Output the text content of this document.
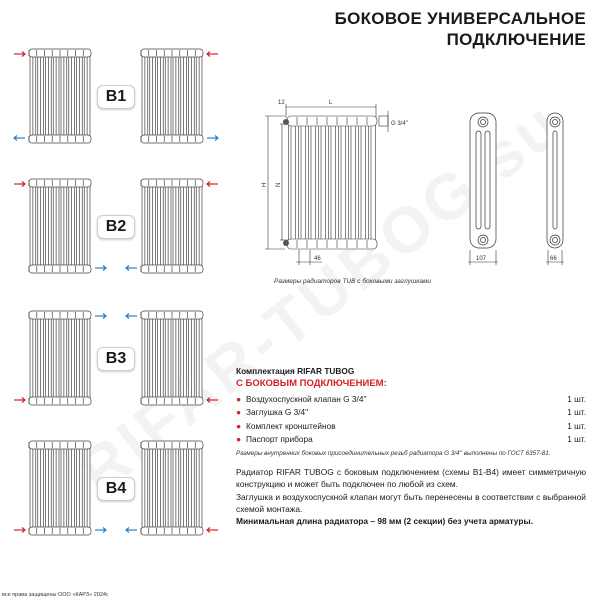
БОКОВОЕ УНИВЕРСАЛЬНОЕ
ПОДКЛЮЧЕНИЕ
В1
В2
В3
В4
12	L
G 3/4''
H N
46	107	66
Размеры радиаторов TUB с боковыми заглушками
Комплектация RIFAR TUBOG
С БОКОВЫМ ПОДКЛЮЧЕНИЕМ:
● Воздухоспускной клапан G 3/4''	1 шт.
● Заглушка G 3/4''	1 шт.
● Комплект кронштейнов	1 шт.
● Паспорт прибора	1 шт.
Размеры внутренних боковых присоединительных резьб радиатора G 3/4'' выполнены по ГОСТ 6357-81.
Радиатор RIFAR TUBOG с боковым подключением (схемы В1-В4) имеет симметричную конструкцию и может быть подключен по любой из схем.
Заглушка и воздухоспускной клапан могут быть перенесены в соответствии с выбранной схемой монтажа.
Минимальная длина радиатора – 98 мм (2 секции) без учета арматуры.
все права защищены ООО «КАРЗ» 2024г.
